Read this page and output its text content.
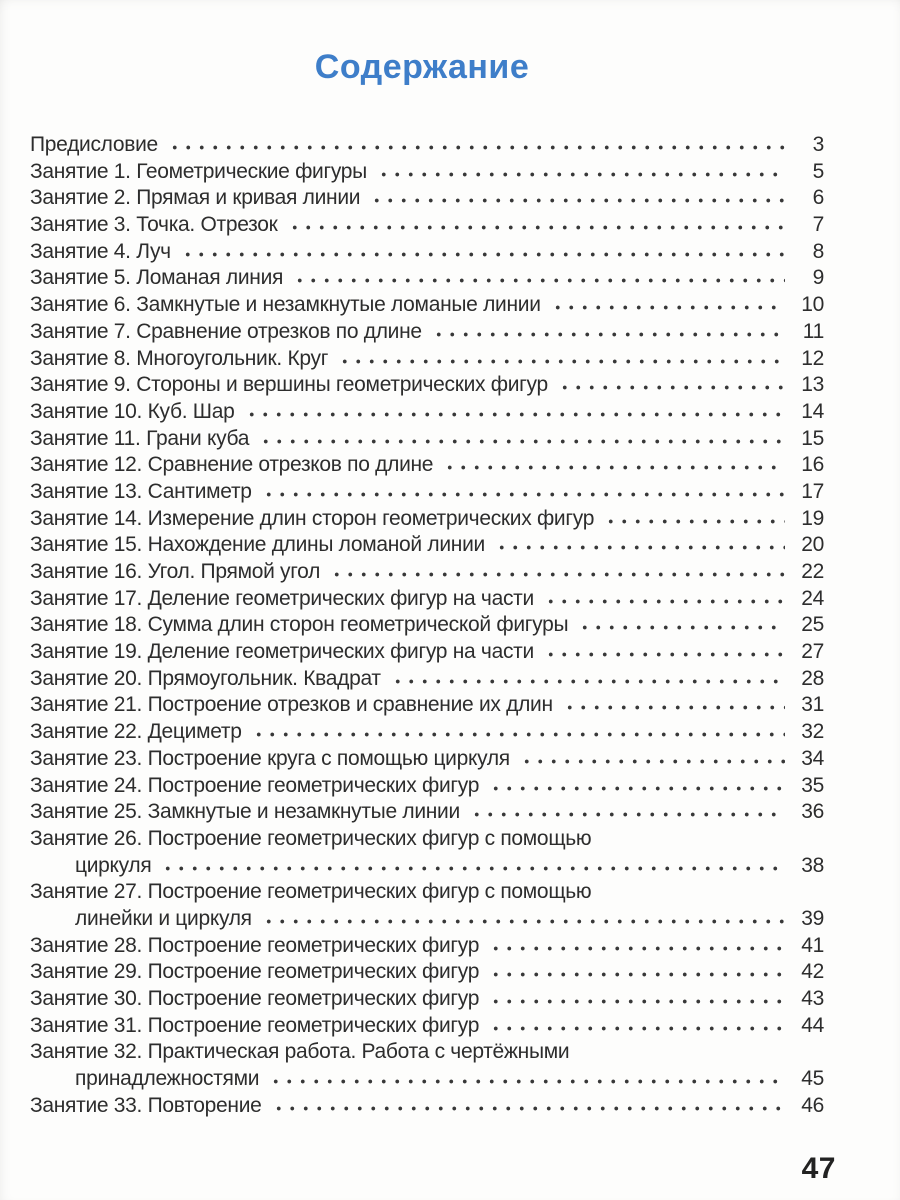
Содержание
Предисловие	3
Занятие 1. Геометрические фигуры	5
Занятие 2. Прямая и кривая линии	6
Занятие 3. Точка. Отрезок	7
Занятие 4. Луч	8
Занятие 5. Ломаная линия	9
Занятие 6. Замкнутые и незамкнутые ломаные линии	10
Занятие 7. Сравнение отрезков по длине	11
Занятие 8. Многоугольник. Круг	12
Занятие 9. Стороны и вершины геометрических фигур	13
Занятие 10. Куб. Шар	14
Занятие 11. Грани куба	15
Занятие 12. Сравнение отрезков по длине	16
Занятие 13. Сантиметр	17
Занятие 14. Измерение длин сторон геометрических фигур	19
Занятие 15. Нахождение длины ломаной линии	20
Занятие 16. Угол. Прямой угол	22
Занятие 17. Деление геометрических фигур на части	24
Занятие 18. Сумма длин сторон геометрической фигуры	25
Занятие 19. Деление геометрических фигур на части	27
Занятие 20. Прямоугольник. Квадрат	28
Занятие 21. Построение отрезков и сравнение их длин	31
Занятие 22. Дециметр	32
Занятие 23. Построение круга с помощью циркуля	34
Занятие 24. Построение геометрических фигур	35
Занятие 25. Замкнутые и незамкнутые линии	36
Занятие 26. Построение геометрических фигур с помощью
циркуля	38
Занятие 27. Построение геометрических фигур с помощью
линейки и циркуля	39
Занятие 28. Построение геометрических фигур	41
Занятие 29. Построение геометрических фигур	42
Занятие 30. Построение геометрических фигур	43
Занятие 31. Построение геометрических фигур	44
Занятие 32. Практическая работа. Работа с чертёжными
принадлежностями	45
Занятие 33. Повторение	46
47
